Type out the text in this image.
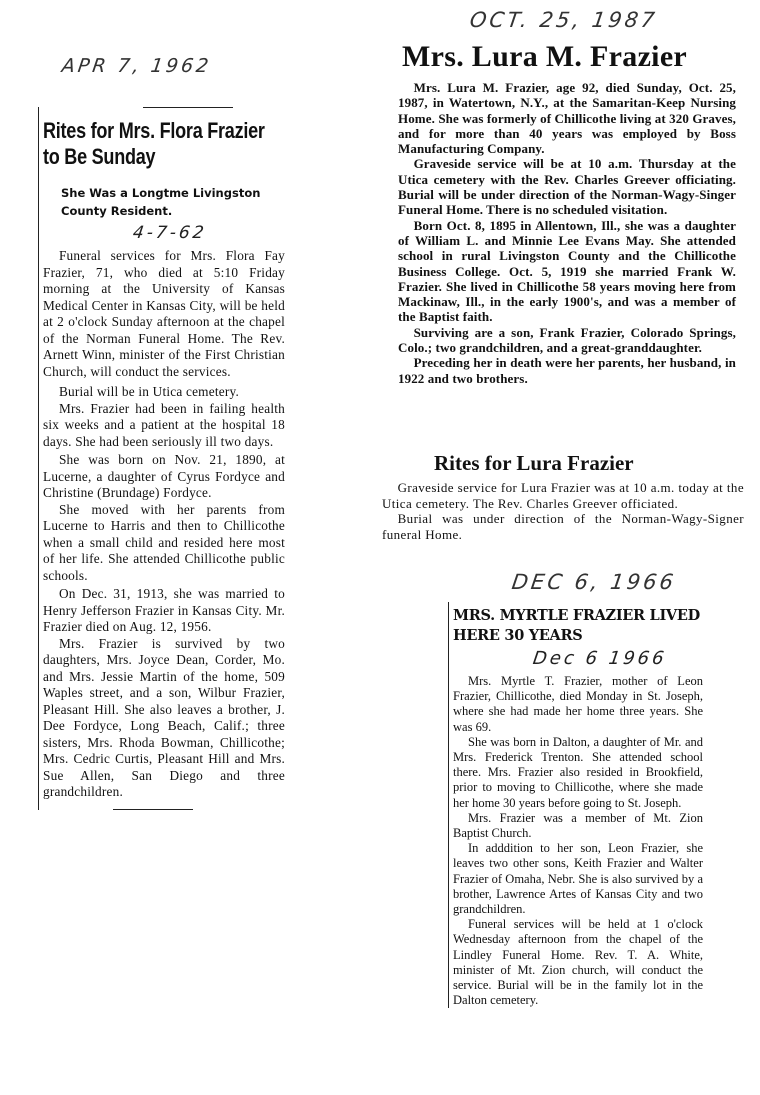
APR 7, 1962
OCT. 25, 1987
DEC 6, 1966
Rites for Mrs. Flora Frazier to Be Sunday
She Was a Longtme Livingston County Resident.
4-7-62

Funeral services for Mrs. Flora Fay Frazier, 71, who died at 5:10 Friday morning at the University of Kansas Medical Center in Kansas City, will be held at 2 o'clock Sunday afternoon at the chapel of the Norman Funeral Home. The Rev. Arnett Winn, minister of the First Christian Church, will conduct the services.

Burial will be in Utica cemetery.

Mrs. Frazier had been in failing health six weeks and a patient at the hospital 18 days. She had been seriously ill two days.

She was born on Nov. 21, 1890, at Lucerne, a daughter of Cyrus Fordyce and Christine (Brundage) Fordyce.

She moved with her parents from Lucerne to Harris and then to Chillicothe when a small child and resided here most of her life. She attended Chillicothe public schools.

On Dec. 31, 1913, she was married to Henry Jefferson Frazier in Kansas City. Mr. Frazier died on Aug. 12, 1956.

Mrs. Frazier is survived by two daughters, Mrs. Joyce Dean, Corder, Mo. and Mrs. Jessie Martin of the home, 509 Waples street, and a son, Wilbur Frazier, Pleasant Hill. She also leaves a brother, J. Dee Fordyce, Long Beach, Calif.; three sisters, Mrs. Rhoda Bowman, Chillicothe; Mrs. Cedric Curtis, Pleasant Hill and Mrs. Sue Allen, San Diego and three grandchildren.

Mrs. Lura M. Frazier

Mrs. Lura M. Frazier, age 92, died Sunday, Oct. 25, 1987, in Watertown, N.Y., at the Samaritan-Keep Nursing Home. She was formerly of Chillicothe living at 320 Graves, and for more than 40 years was employed by Boss Manufacturing Company.

Graveside service will be at 10 a.m. Thursday at the Utica cemetery with the Rev. Charles Greever officiating. Burial will be under direction of the Norman-Wagy-Singer Funeral Home. There is no scheduled visitation.

Born Oct. 8, 1895 in Allentown, Ill., she was a daughter of William L. and Minnie Lee Evans May. She attended school in rural Livingston County and the Chillicothe Business College. Oct. 5, 1919 she married Frank W. Frazier. She lived in Chillicothe 58 years moving here from Mackinaw, Ill., in the early 1900's, and was a member of the Baptist faith.

Surviving are a son, Frank Frazier, Colorado Springs, Colo.; two grandchildren, and a great-granddaughter.

Preceding her in death were her parents, her husband, in 1922 and two brothers.

Rites for Lura Frazier

Graveside service for Lura Frazier was at 10 a.m. today at the Utica cemetery. The Rev. Charles Greever officiated.

Burial was under direction of the Norman-Wagy-Signer funeral Home.

MRS. MYRTLE FRAZIER LIVED HERE 30 YEARS
Dec 6 1966

Mrs. Myrtle T. Frazier, mother of Leon Frazier, Chillicothe, died Monday in St. Joseph, where she had made her home three years. She was 69.

She was born in Dalton, a daughter of Mr. and Mrs. Frederick Trenton. She attended school there. Mrs. Frazier also resided in Brookfield, prior to moving to Chillicothe, where she made her home 30 years before going to St. Joseph.

Mrs. Frazier was a member of Mt. Zion Baptist Church.

In adddition to her son, Leon Frazier, she leaves two other sons, Keith Frazier and Walter Frazier of Omaha, Nebr. She is also survived by a brother, Lawrence Artes of Kansas City and two grandchildren.

Funeral services will be held at 1 o'clock Wednesday afternoon from the chapel of the Lindley Funeral Home. Rev. T. A. White, minister of Mt. Zion church, will conduct the service. Burial will be in the family lot in the Dalton cemetery.
